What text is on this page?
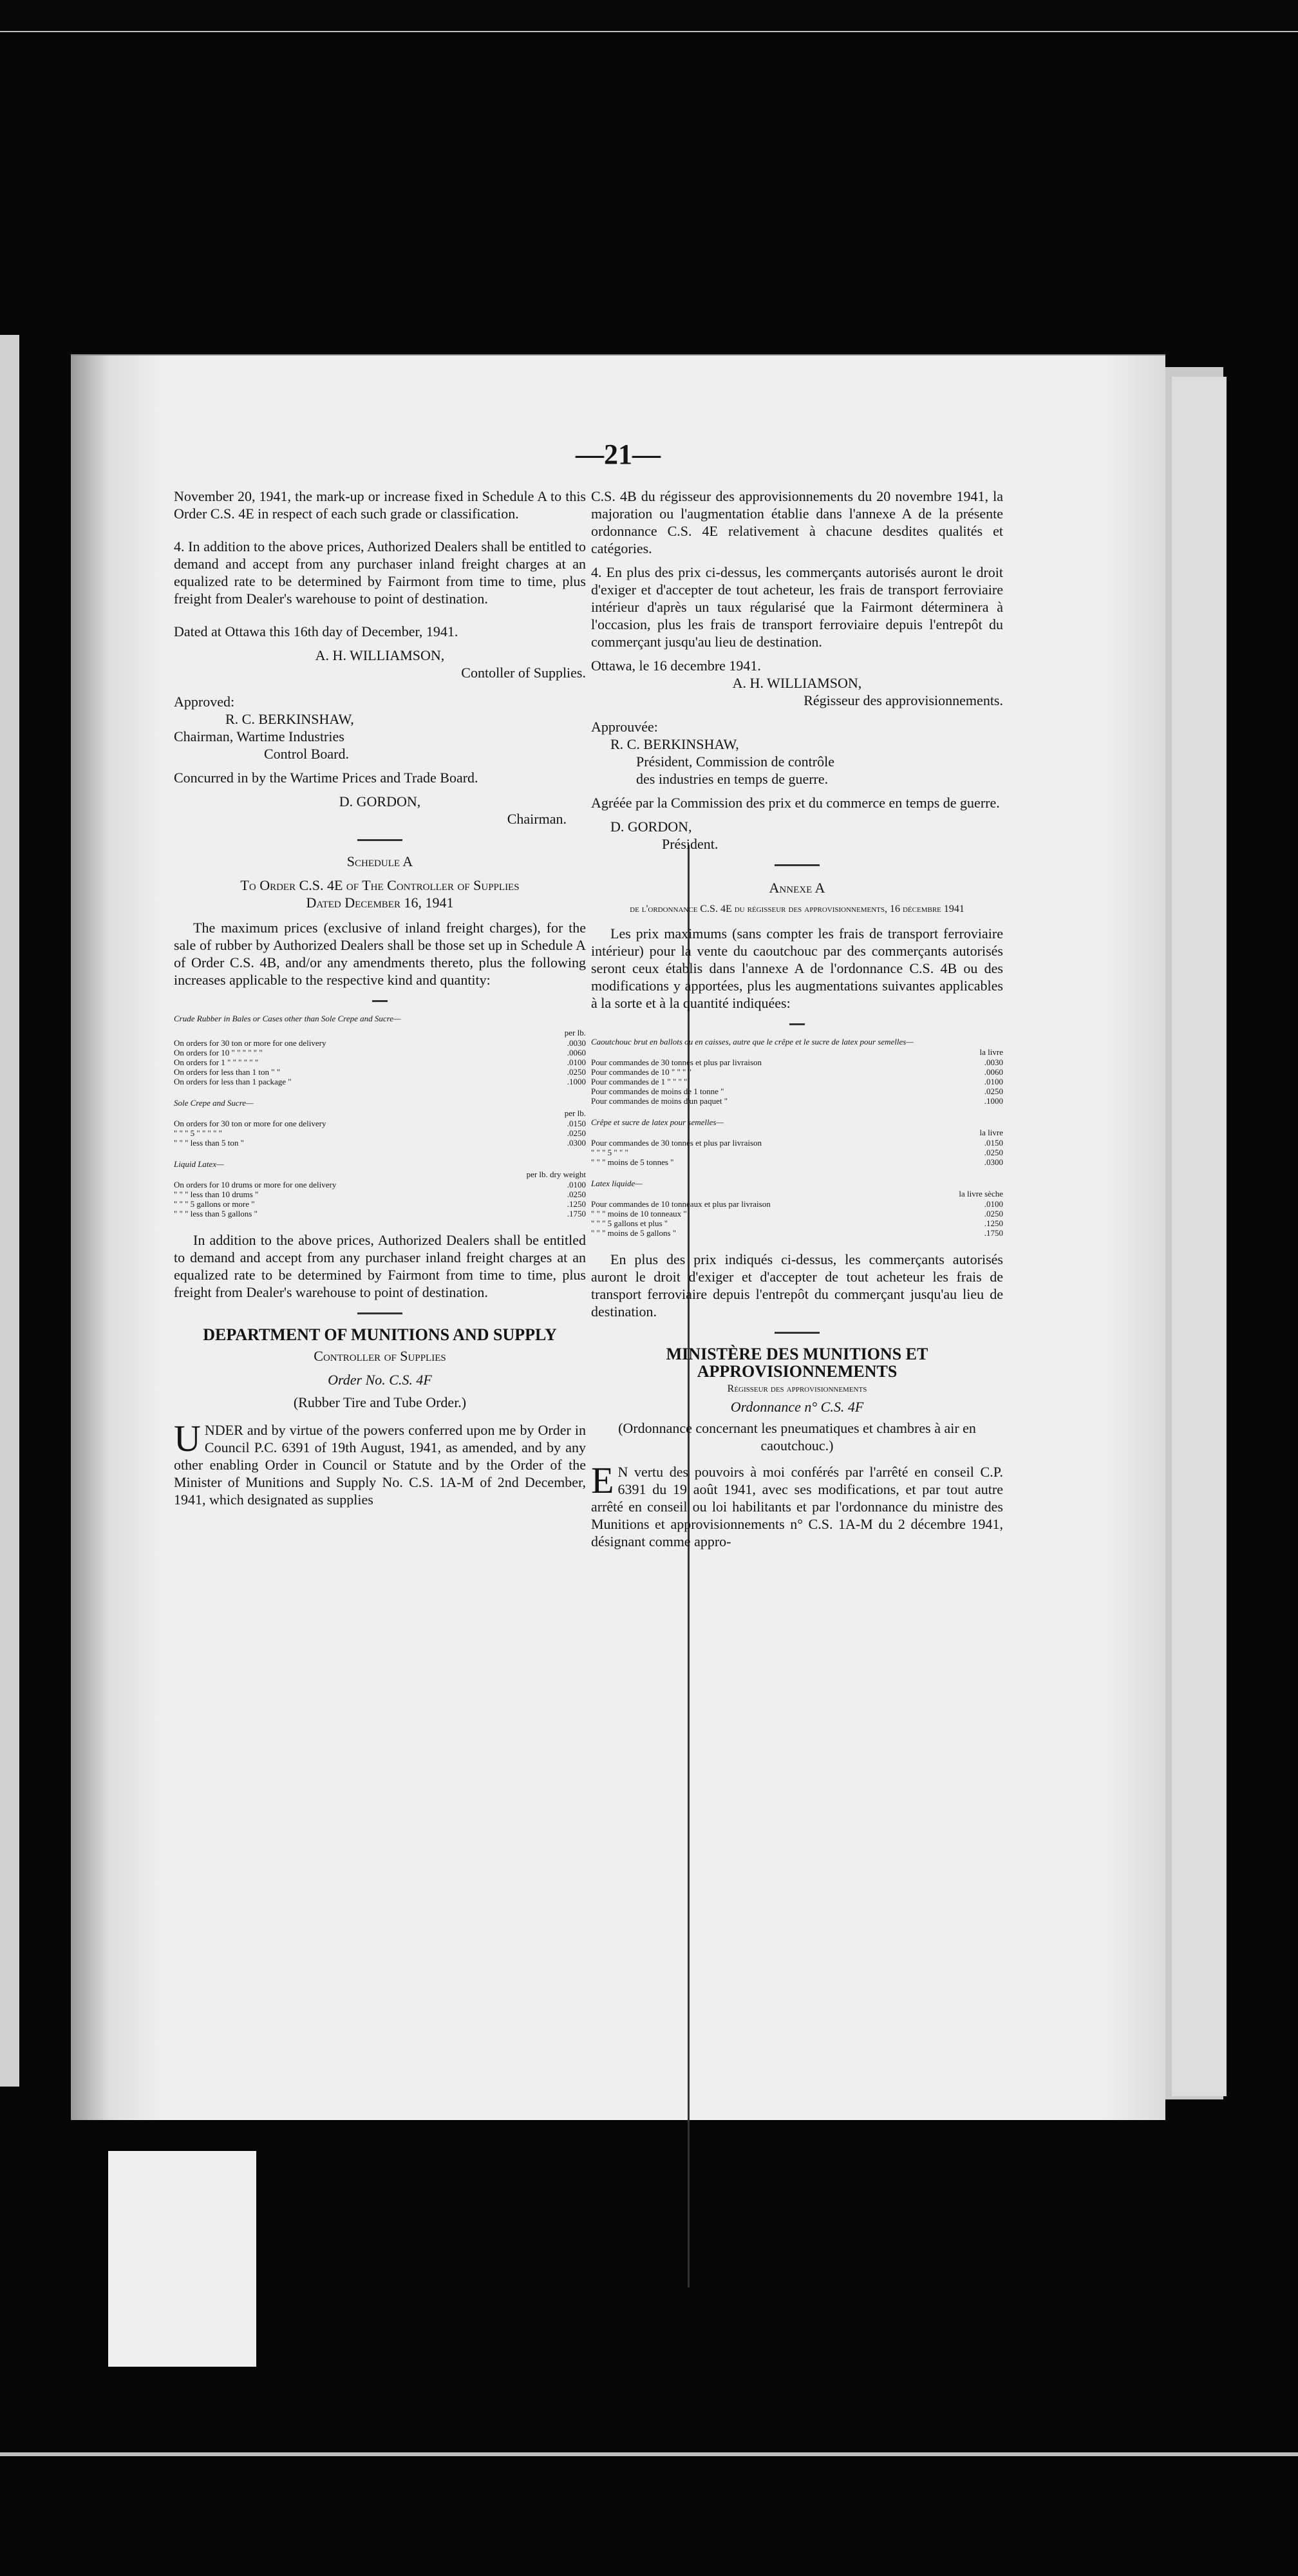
—21—

November 20, 1941, the mark-up or increase fixed in Schedule A to this Order C.S. 4E in respect of each such grade or classification.

4. In addition to the above prices, Authorized Dealers shall be entitled to demand and accept from any purchaser inland freight charges at an equalized rate to be determined by Fairmont from time to time, plus freight from Dealer's warehouse to point of destination.

Dated at Ottawa this 16th day of December, 1941.

A. H. WILLIAMSON,
Contoller of Supplies.
Approved:
R. C. BERKINSHAW,
Chairman, Wartime Industries
Control Board.

Concurred in by the Wartime Prices and Trade Board.

D. GORDON,
Chairman.
Schedule A
To Order C.S. 4E of The Controller of Supplies
Dated December 16, 1941

The maximum prices (exclusive of inland freight charges), for the sale of rubber by Authorized Dealers shall be those set up in Schedule A of Order C.S. 4B, and/or any amendments thereto, plus the following increases applicable to the respective kind and quantity:

Crude Rubber in Bales or Cases other than Sole Crepe and Sucre—
per lb.
On orders for 30 ton or more for one delivery	.0030
On orders for 10 " " " " " "	.0060
On orders for 1 " " " " " "	.0100
On orders for less than 1 ton " "	.0250
On orders for less than 1 package "	.1000
Sole Crepe and Sucre—
per lb.
On orders for 30 ton or more for one delivery	.0150
" " " 5 " " " " "	.0250
" " " less than 5 ton "	.0300
Liquid Latex—
per lb. dry weight
On orders for 10 drums or more for one delivery	.0100
" " " less than 10 drums "	.0250
" " " 5 gallons or more "	.1250
" " " less than 5 gallons "	.1750

In addition to the above prices, Authorized Dealers shall be entitled to demand and accept from any purchaser inland freight charges at an equalized rate to be determined by Fairmont from time to time, plus freight from Dealer's warehouse to point of destination.

DEPARTMENT OF MUNITIONS AND SUPPLY
Controller of Supplies
Order No. C.S. 4F
(Rubber Tire and Tube Order.)

UNDER and by virtue of the powers conferred upon me by Order in Council P.C. 6391 of 19th August, 1941, as amended, and by any other enabling Order in Council or Statute and by the Order of the Minister of Munitions and Supply No. C.S. 1A-M of 2nd December, 1941, which designated as supplies

C.S. 4B du régisseur des approvisionnements du 20 novembre 1941, la majoration ou l'augmentation établie dans l'annexe A de la présente ordonnance C.S. 4E relativement à chacune desdites qualités et catégories.

4. En plus des prix ci-dessus, les commerçants autorisés auront le droit d'exiger et d'accepter de tout acheteur, les frais de transport ferroviaire intérieur d'après un taux régularisé que la Fairmont déterminera à l'occasion, plus les frais de transport ferroviaire depuis l'entrepôt du commerçant jusqu'au lieu de destination.

Ottawa, le 16 decembre 1941.
A. H. WILLIAMSON,
Régisseur des approvisionnements.
Approuvée:
R. C. BERKINSHAW,
Président, Commission de contrôle
des industries en temps de guerre.

Agréée par la Commission des prix et du commerce en temps de guerre.

D. GORDON,
Président.
Annexe A
de l'ordonnance C.S. 4E du régisseur des approvisionnements, 16 décembre 1941

Les prix maximums (sans compter les frais de transport ferroviaire intérieur) pour la vente du caoutchouc par des commerçants autorisés seront ceux établis dans l'annexe A de l'ordonnance C.S. 4B ou des modifications y apportées, plus les augmentations suivantes applicables à la sorte et à la quantité indiquées:

Caoutchouc brut en ballots ou en caisses, autre que le crêpe et le sucre de latex pour semelles—
la livre
Pour commandes de 30 tonnes et plus par livraison	.0030
Pour commandes de 10 " " " "	.0060
Pour commandes de 1 " " " "	.0100
Pour commandes de moins de 1 tonne "	.0250
Pour commandes de moins d'un paquet "	.1000
Crêpe et sucre de latex pour semelles—
la livre
Pour commandes de 30 tonnes et plus par livraison	.0150
" " " 5 " " "	.0250
" " " moins de 5 tonnes "	.0300
Latex liquide—
la livre sèche
Pour commandes de 10 tonneaux et plus par livraison	.0100
" " " moins de 10 tonneaux "	.0250
" " " 5 gallons et plus "	.1250
" " " moins de 5 gallons "	.1750

En plus des prix indiqués ci-dessus, les commerçants autorisés auront le droit d'exiger et d'accepter de tout acheteur les frais de transport ferroviaire depuis l'entrepôt du commerçant jusqu'au lieu de destination.

MINISTÈRE DES MUNITIONS ET
APPROVISIONNEMENTS
Régisseur des approvisionnements
Ordonnance n° C.S. 4F
(Ordonnance concernant les pneumatiques et chambres à air en caoutchouc.)

E N vertu des pouvoirs à moi conférés par l'arrêté en conseil C.P. 6391 du 19 août 1941, avec ses modifications, et par tout autre arrêté en conseil ou loi habilitants et par l'ordonnance du ministre des Munitions et approvisionnements n° C.S. 1A-M du 2 décembre 1941, désignant comme appro-
